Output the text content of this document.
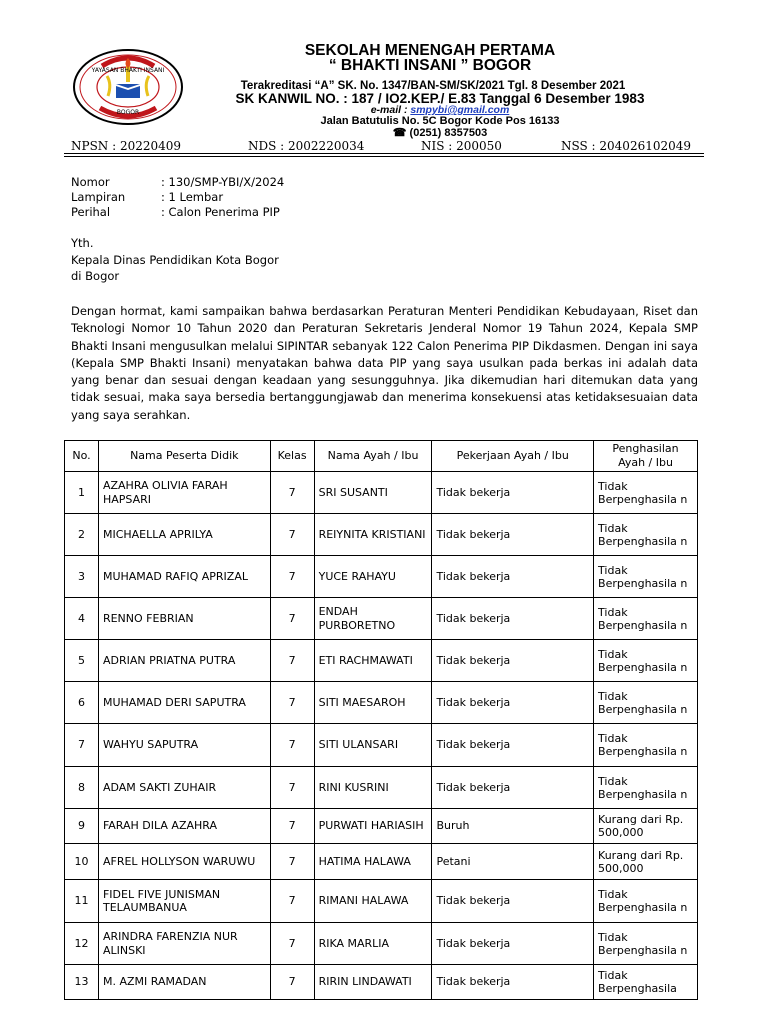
YAYASAN BHAKTI INSANI
BOGOR
SEKOLAH MENENGAH PERTAMA
“ BHAKTI INSANI ” BOGOR
Terakreditasi “A” SK. No. 1347/BAN-SM/SK/2021 Tgl. 8 Desember 2021
SK KANWIL NO. : 187 / IO2.KEP./ E.83 Tanggal 6 Desember 1983
e-mail : smpybi@gmail.com
Jalan Batutulis No. 5C Bogor Kode Pos 16133
☎ (0251) 8357503
NPSN : 20220409	NDS : 2002220034	NIS : 200050	NSS : 204026102049
Nomor	: 130/SMP-YBI/X/2024
Lampiran	: 1 Lembar
Perihal	: Calon Penerima PIP
Yth.
Kepala Dinas Pendidikan Kota Bogor
di Bogor
Dengan hormat, kami sampaikan bahwa berdasarkan Peraturan Menteri Pendidikan Kebudayaan, Riset dan Teknologi Nomor 10 Tahun 2020 dan Peraturan Sekretaris Jenderal Nomor 19 Tahun 2024, Kepala SMP Bhakti Insani mengusulkan melalui SIPINTAR sebanyak 122 Calon Penerima PIP Dikdasmen. Dengan ini saya (Kepala SMP Bhakti Insani) menyatakan bahwa data PIP yang saya usulkan pada berkas ini adalah data yang benar dan sesuai dengan keadaan yang sesungguhnya. Jika dikemudian hari ditemukan data yang tidak sesuai, maka saya bersedia bertanggungjawab dan menerima konsekuensi atas ketidaksesuaian data yang saya serahkan.
No.	Nama Peserta Didik	Kelas	Nama Ayah / Ibu	Pekerjaan Ayah / Ibu	Penghasilan Ayah / Ibu
1	AZAHRA OLIVIA FARAH HAPSARI	7	SRI SUSANTI	Tidak bekerja	Tidak Berpenghasila n
2	MICHAELLA APRILYA	7	REIYNITA KRISTIANI	Tidak bekerja	Tidak Berpenghasila n
3	MUHAMAD RAFIQ APRIZAL	7	YUCE RAHAYU	Tidak bekerja	Tidak Berpenghasila n
4	RENNO FEBRIAN	7	ENDAH PURBORETNO	Tidak bekerja	Tidak Berpenghasila n
5	ADRIAN PRIATNA PUTRA	7	ETI RACHMAWATI	Tidak bekerja	Tidak Berpenghasila n
6	MUHAMAD DERI SAPUTRA	7	SITI MAESAROH	Tidak bekerja	Tidak Berpenghasila n
7	WAHYU SAPUTRA	7	SITI ULANSARI	Tidak bekerja	Tidak Berpenghasila n
8	ADAM SAKTI ZUHAIR	7	RINI KUSRINI	Tidak bekerja	Tidak Berpenghasila n
9	FARAH DILA AZAHRA	7	PURWATI HARIASIH	Buruh	Kurang dari Rp. 500,000
10	AFREL HOLLYSON WARUWU	7	HATIMA HALAWA	Petani	Kurang dari Rp. 500,000
11	FIDEL FIVE JUNISMAN TELAUMBANUA	7	RIMANI HALAWA	Tidak bekerja	Tidak Berpenghasila n
12	ARINDRA FARENZIA NUR ALINSKI	7	RIKA MARLIA	Tidak bekerja	Tidak Berpenghasila n
13	M. AZMI RAMADAN	7	RIRIN LINDAWATI	Tidak bekerja	Tidak Berpenghasila
